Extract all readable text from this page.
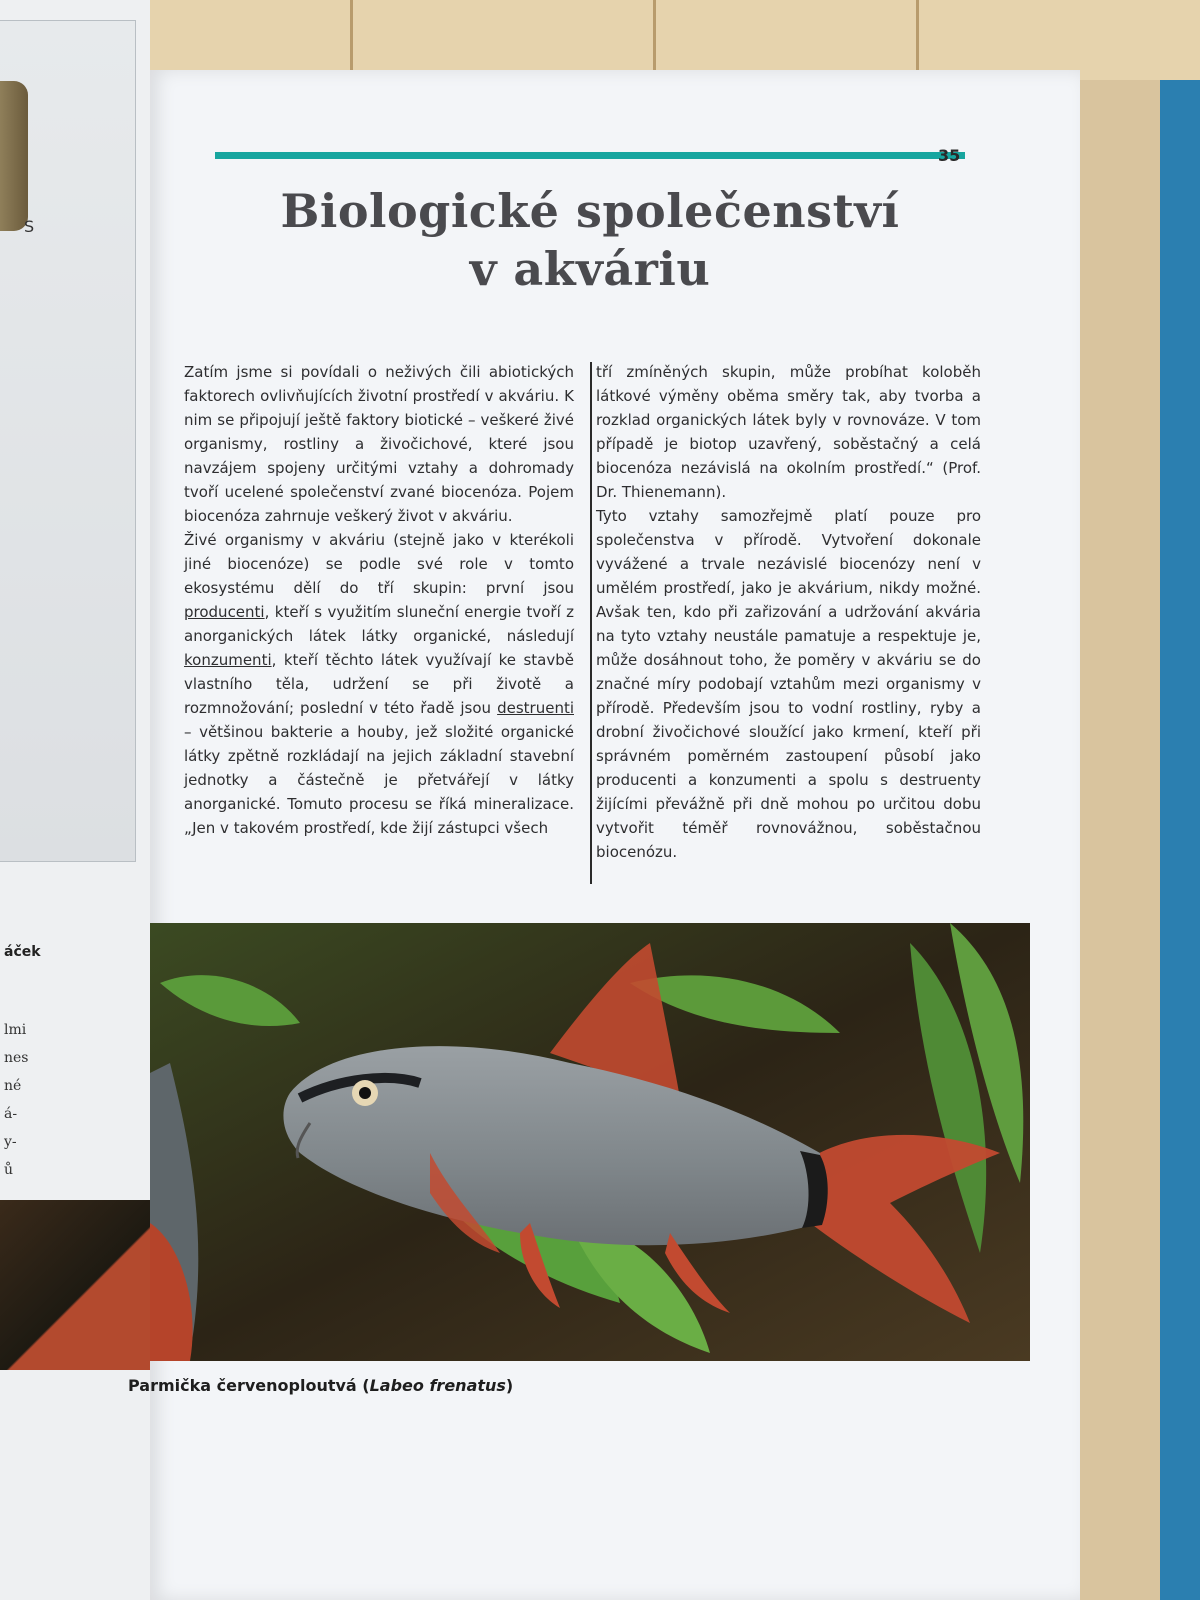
S
áček
lmi
nes
né
á-
y-
ů
35
Biologické společenství
v akváriu

Zatím jsme si povídali o neživých čili abiotických faktorech ovlivňujících životní prostředí v akváriu. K nim se připojují ještě faktory biotické – veškeré živé organismy, rostliny a živočichové, které jsou navzájem spojeny určitými vztahy a dohromady tvoří ucelené společenství zvané biocenóza. Pojem biocenóza zahrnuje veškerý život v akváriu.

Živé organismy v akváriu (stejně jako v kterékoli jiné biocenóze) se podle své role v tomto ekosystému dělí do tří skupin: první jsou producenti, kteří s využitím sluneční energie tvoří z anorganických látek látky organické, následují konzumenti, kteří těchto látek využívají ke stavbě vlastního těla, udržení se při životě a rozmnožování; poslední v této řadě jsou destruenti – většinou bakterie a houby, jež složité organické látky zpětně rozkládají na jejich základní stavební jednotky a částečně je přetvářejí v látky anorganické. Tomuto procesu se říká mineralizace. „Jen v takovém prostředí, kde žijí zástupci všech

tří zmíněných skupin, může probíhat koloběh látkové výměny oběma směry tak, aby tvorba a rozklad organických látek byly v rovnováze. V tom případě je biotop uzavřený, soběstačný a celá biocenóza nezávislá na okolním prostředí.“ (Prof. Dr. Thienemann).

Tyto vztahy samozřejmě platí pouze pro společenstva v přírodě. Vytvoření dokonale vyvážené a trvale nezávislé biocenózy není v umělém prostředí, jako je akvárium, nikdy možné. Avšak ten, kdo při zařizování a udržování akvária na tyto vztahy neustále pamatuje a respektuje je, může dosáhnout toho, že poměry v akváriu se do značné míry podobají vztahům mezi organismy v přírodě. Především jsou to vodní rostliny, ryby a drobní živočichové sloužící jako krmení, kteří při správném poměrném zastoupení působí jako producenti a konzumenti a spolu s destruenty žijícími převážně při dně mohou po určitou dobu vytvořit téměř rovnovážnou, soběstačnou biocenózu.

Parmička červenoploutvá (Labeo frenatus)
